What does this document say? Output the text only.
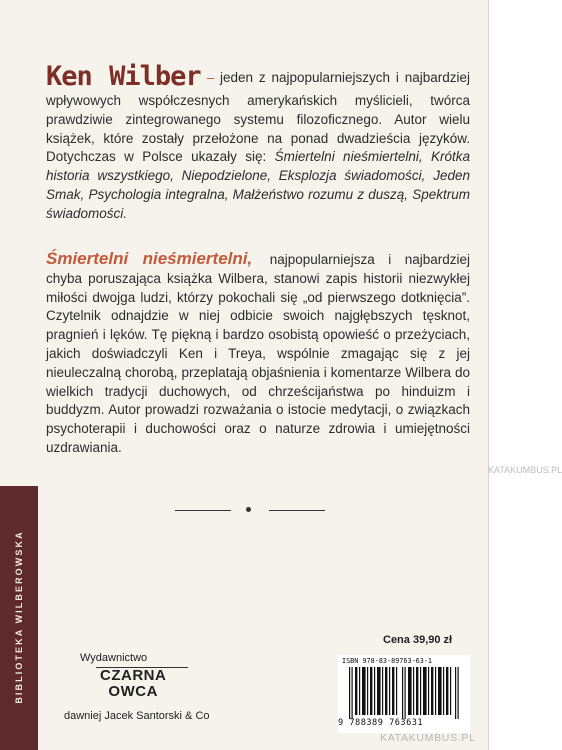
Ken Wilber – jeden z najpopularniejszych i najbardziej wpływowych współczesnych amerykańskich myślicieli, twórca prawdziwie zintegrowanego systemu filozoficznego. Autor wielu książek, które zostały przełożone na ponad dwadzieścia języków. Dotychczas w Polsce ukazały się: Śmiertelni nieśmiertelni, Krótka historia wszystkiego, Niepodzielone, Eksplozja świadomości, Jeden Smak, Psychologia integralna, Małżeństwo rozumu z duszą, Spektrum świadomości.
Śmiertelni nieśmiertelni, najpopularniejsza i najbardziej chyba poruszająca książka Wilbera, stanowi zapis historii niezwykłej miłości dwojga ludzi, którzy pokochali się „od pierwszego dotknięcia”. Czytelnik odnajdzie w niej odbicie swoich najgłębszych tęsknot, pragnień i lęków. Tę piękną i bardzo osobistą opowieść o przeżyciach, jakich doświadczyli Ken i Treya, wspólnie zmagając się z jej nieuleczalną chorobą, przeplatają objaśnienia i komentarze Wilbera do wielkich tradycji duchowych, od chrześcijaństwa po hinduizm i buddyzm. Autor prowadzi rozważania o istocie medytacji, o związkach psychoterapii i duchowości oraz o naturze zdrowia i umiejętności uzdrawiania.
BIBLIOTEKA WILBEROWSKA	Cena 39,90 zł
ISBN 978-83-89763-63-1
9 788389 763631
Wydawnictwo
CZARNA
OWCA
dawniej Jacek Santorski & Co
KATAKUMBUS.PL
KATAKUMBUS.PL
